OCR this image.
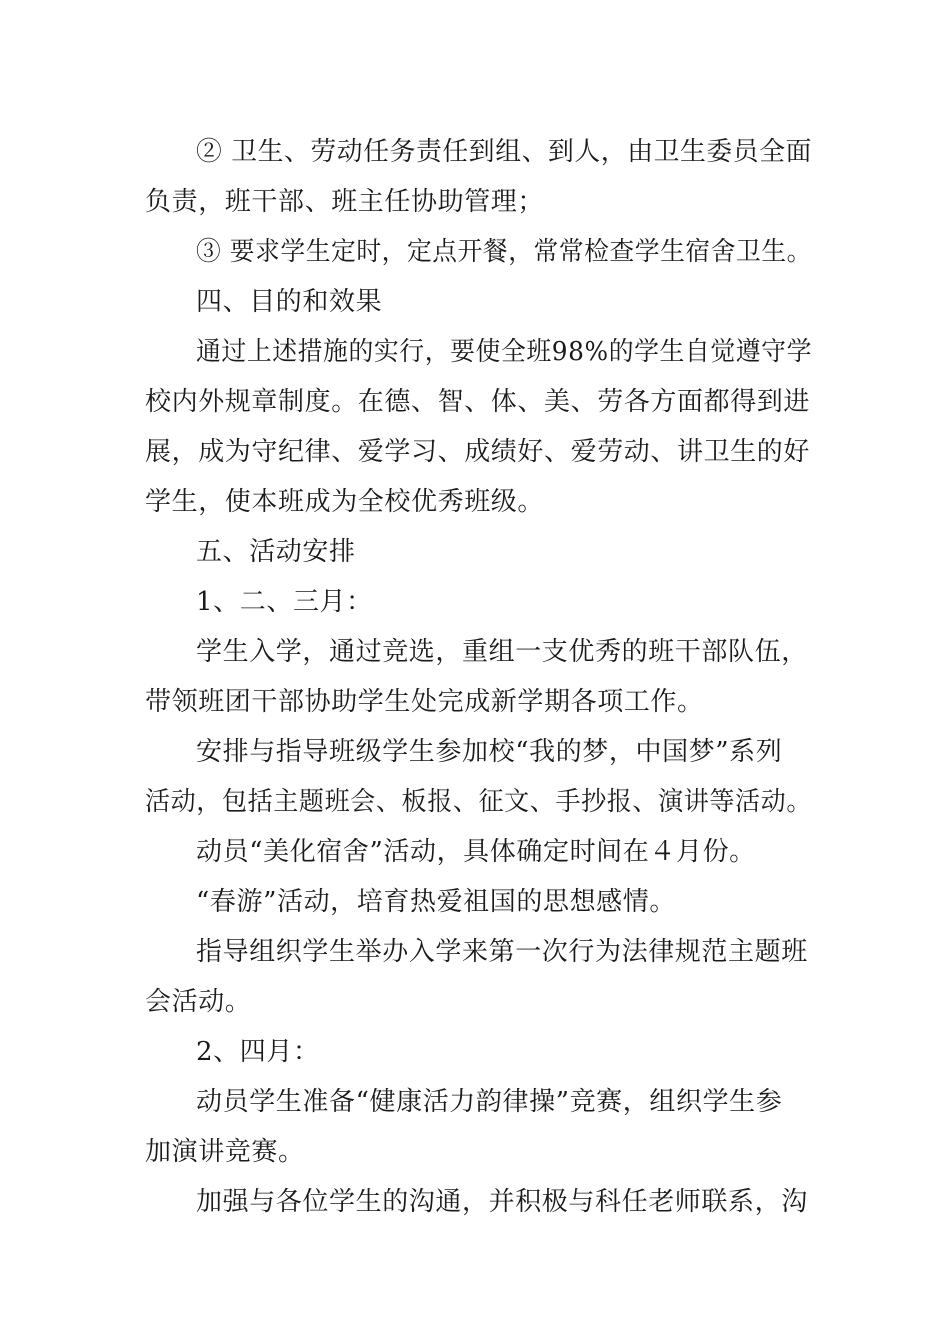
② 卫生、劳动任务责任到组、到人，由卫生委员全面

负责，班干部、班主任协助管理；

③ 要求学生定时，定点开餐，常常检查学生宿舍卫生。

四、目的和效果

通过上述措施的实行，要使全班98%的学生自觉遵守学

校内外规章制度。在德、智、体、美、劳各方面都得到进

展，成为守纪律、爱学习、成绩好、爱劳动、讲卫生的好

学生，使本班成为全校优秀班级。

五、活动安排

1、二、三月：

学生入学，通过竞选，重组一支优秀的班干部队伍，

带领班团干部协助学生处完成新学期各项工作。

安排与指导班级学生参加校“我的梦，中国梦”系列

活动，包括主题班会、板报、征文、手抄报、演讲等活动。

动员“美化宿舍”活动，具体确定时间在４月份。

“春游”活动，培育热爱祖国的思想感情。

指导组织学生举办入学来第一次行为法律规范主题班

会活动。

2、四月：

动员学生准备“健康活力韵律操”竞赛，组织学生参

加演讲竞赛。

加强与各位学生的沟通，并积极与科任老师联系，沟
